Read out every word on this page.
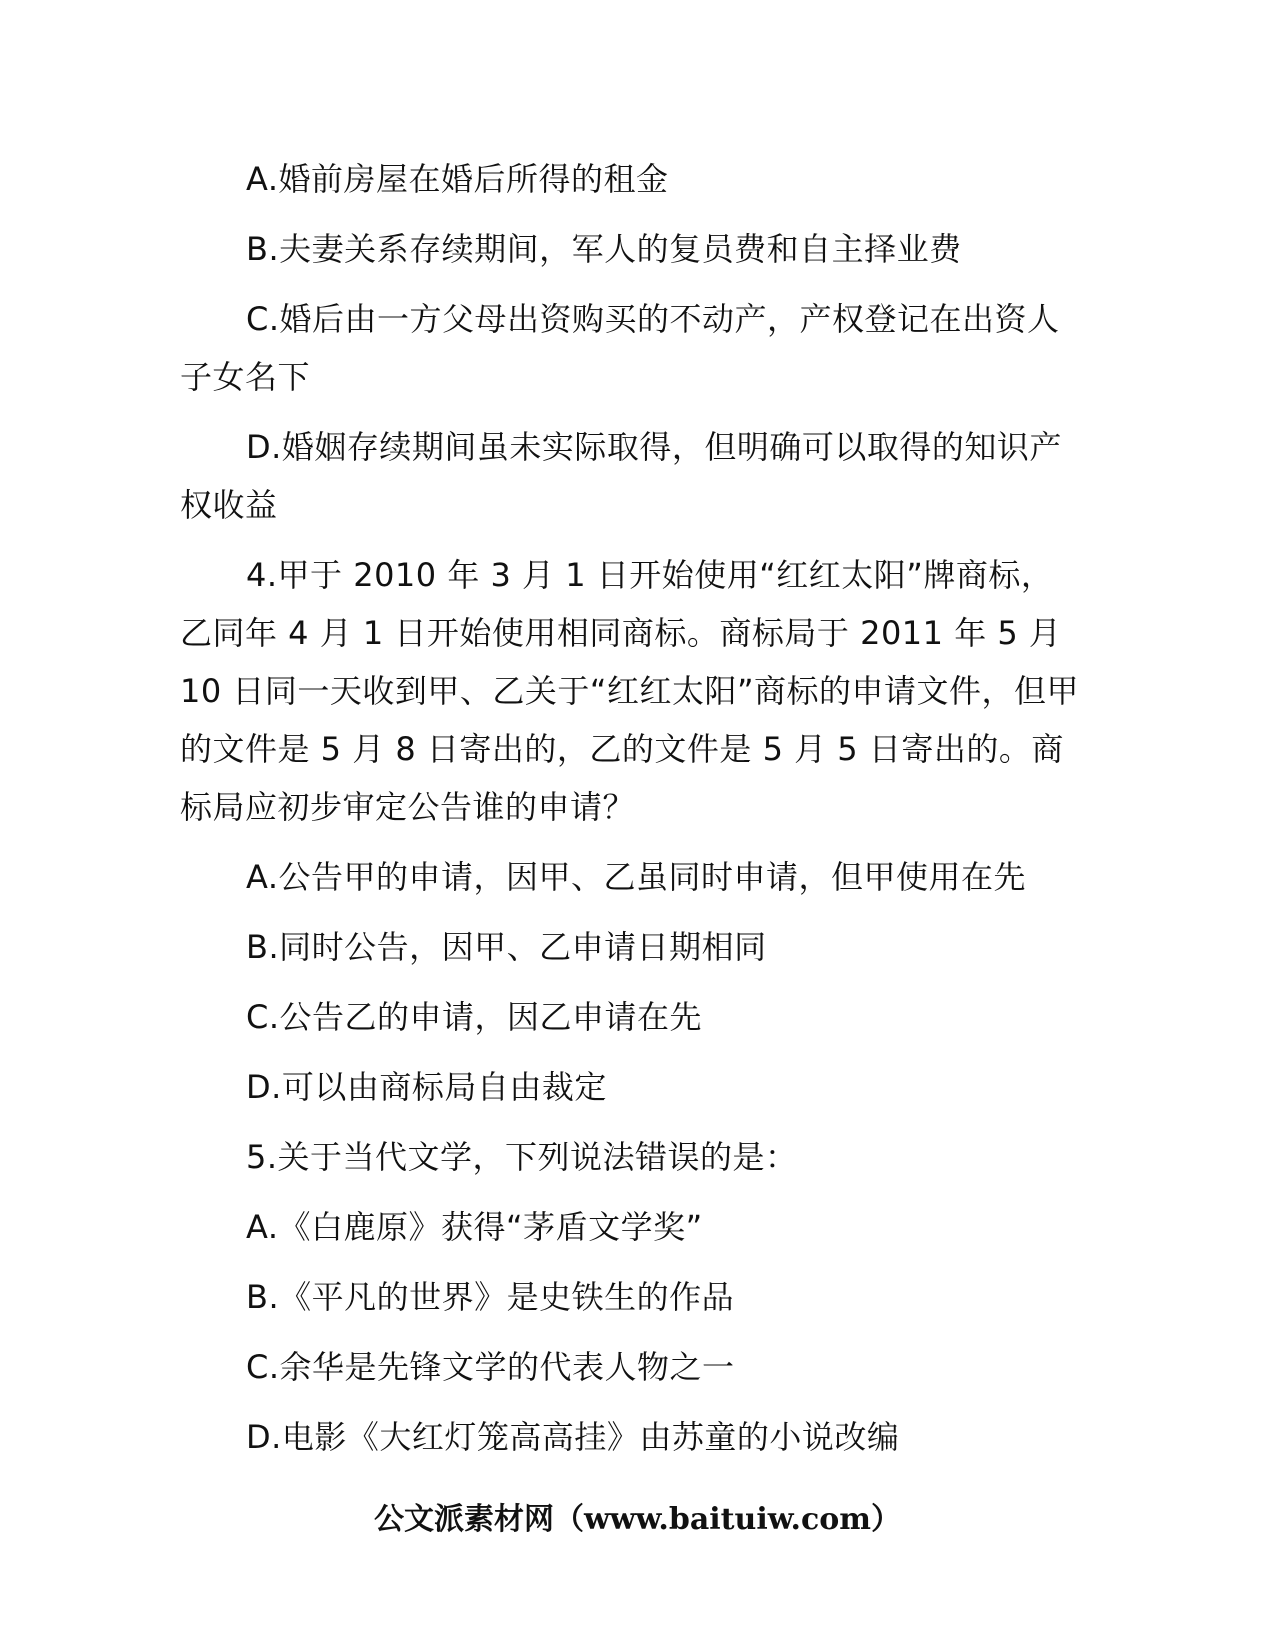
A.婚前房屋在婚后所得的租金

B.夫妻关系存续期间，军人的复员费和自主择业费

C.婚后由一方父母出资购买的不动产，产权登记在出资人子女名下

D.婚姻存续期间虽未实际取得，但明确可以取得的知识产权收益

4.甲于 2010 年 3 月 1 日开始使用“红红太阳”牌商标，乙同年 4 月 1 日开始使用相同商标。商标局于 2011 年 5 月 10 日同一天收到甲、乙关于“红红太阳”商标的申请文件，但甲的文件是 5 月 8 日寄出的，乙的文件是 5 月 5 日寄出的。商标局应初步审定公告谁的申请？

A.公告甲的申请，因甲、乙虽同时申请，但甲使用在先

B.同时公告，因甲、乙申请日期相同

C.公告乙的申请，因乙申请在先

D.可以由商标局自由裁定

5.关于当代文学，下列说法错误的是：

A.《白鹿原》获得“茅盾文学奖”

B.《平凡的世界》是史铁生的作品

C.余华是先锋文学的代表人物之一

D.电影《大红灯笼高高挂》由苏童的小说改编

公文派素材网（www.baituiw.com）
